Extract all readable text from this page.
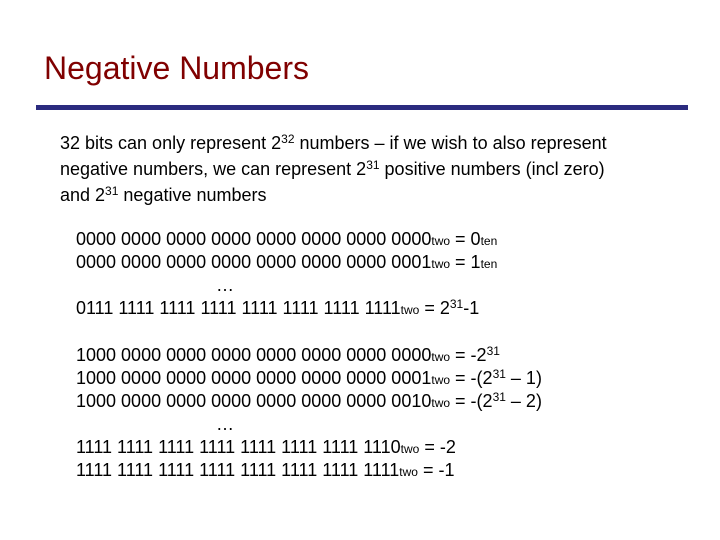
Negative Numbers
32 bits can only represent $2^{32}$ numbers – if we wish to also represent
negative numbers, we can represent $2^{31}$ positive numbers (incl zero)
and $2^{31}$ negative numbers
0000 0000 0000 0000 0000 0000 0000 $0000_{two} = 0_{ten}$
0000 0000 0000 0000 0000 0000 0000 $0001_{two} = 1_{ten}$
…
0111 1111 1111 1111 1111 1111 1111 $1111_{two} = 2^{31}-1$
1000 0000 0000 0000 0000 0000 0000 $0000_{two} = -2^{31}$
1000 0000 0000 0000 0000 0000 0000 $0001_{two} = -(2^{31} - 1)$
1000 0000 0000 0000 0000 0000 0000 $0010_{two} = -(2^{31} - 2)$
…
1111 1111 1111 1111 1111 1111 1111 $1110_{two} = -2$
1111 1111 1111 1111 1111 1111 1111 $1111_{two} = -1$
